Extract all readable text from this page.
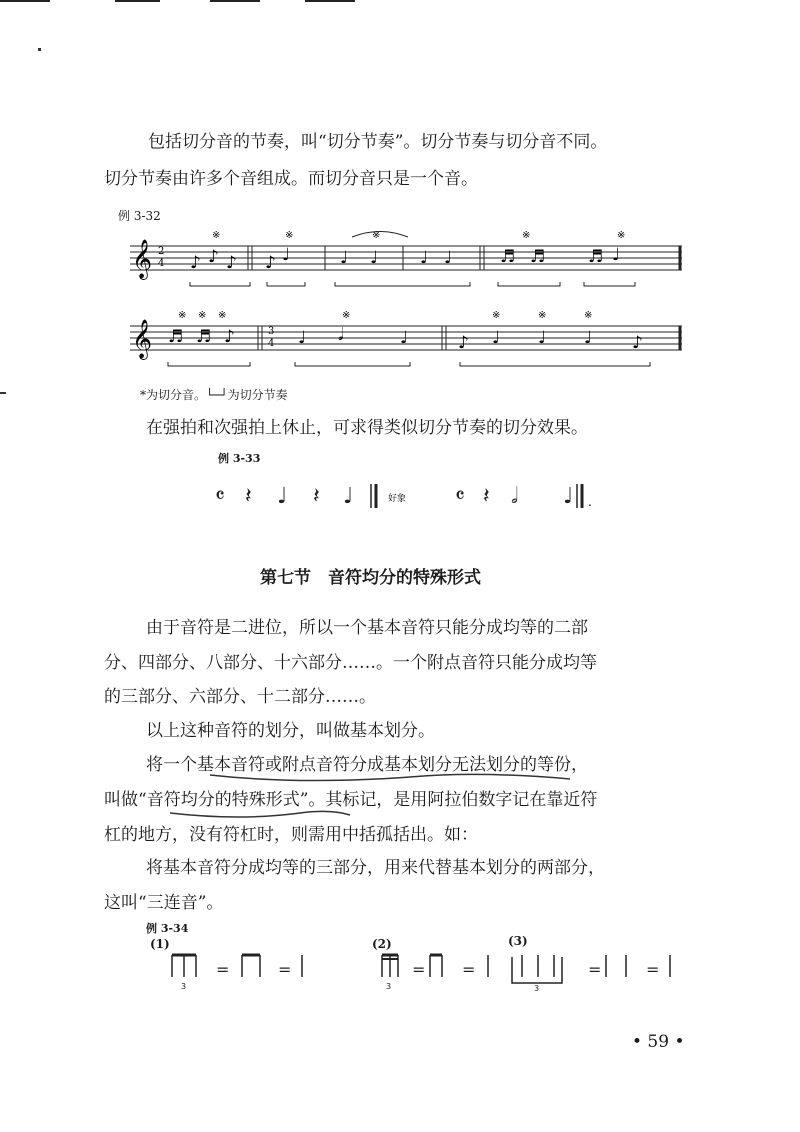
包括切分音的节奏，叫“切分节奏”。切分节奏与切分音不同。
切分节奏由许多个音组成。而切分音只是一个音。
例 3-32
𝄞 2
4 ♪ ♪ ♪ ♪ ♩	♩ ♩ ♩ ♩	♬ ♬	♬ ♩
※	※	※	※	※
𝄞	3
4
♬ ♬ ♪	♩ 𝅗𝅥	♩	♪ ♩ ♩ ♩ ♪
※ ※ ※	※	※	※	※
*为切分音。└─┘为切分节奏
在强拍和次强拍上休止，可求得类似切分节奏的切分效果。
例 3-33
𝄴 𝄽 ♩ 𝄽 ♩	𝄴 𝄽 𝅗𝅥 ♩
好象	.
第七节　音符均分的特殊形式
由于音符是二进位，所以一个基本音符只能分成均等的二部
分、四部分、八部分、十六部分……。一个附点音符只能分成均等
的三部分、六部分、十二部分……。
以上这种音符的划分，叫做基本划分。
将一个基本音符或附点音符分成基本划分无法划分的等份，
叫做“音符均分的特殊形式”。其标记，是用阿拉伯数字记在靠近符
杠的地方，没有符杠时，则需用中括孤括出。如：
将基本音符分成均等的三部分，用来代替基本划分的两部分，
这叫“三连音”。
例 3-34
(1)	(2)	(3)
=	=	= =	=	=
3	3	3
• 59 •
